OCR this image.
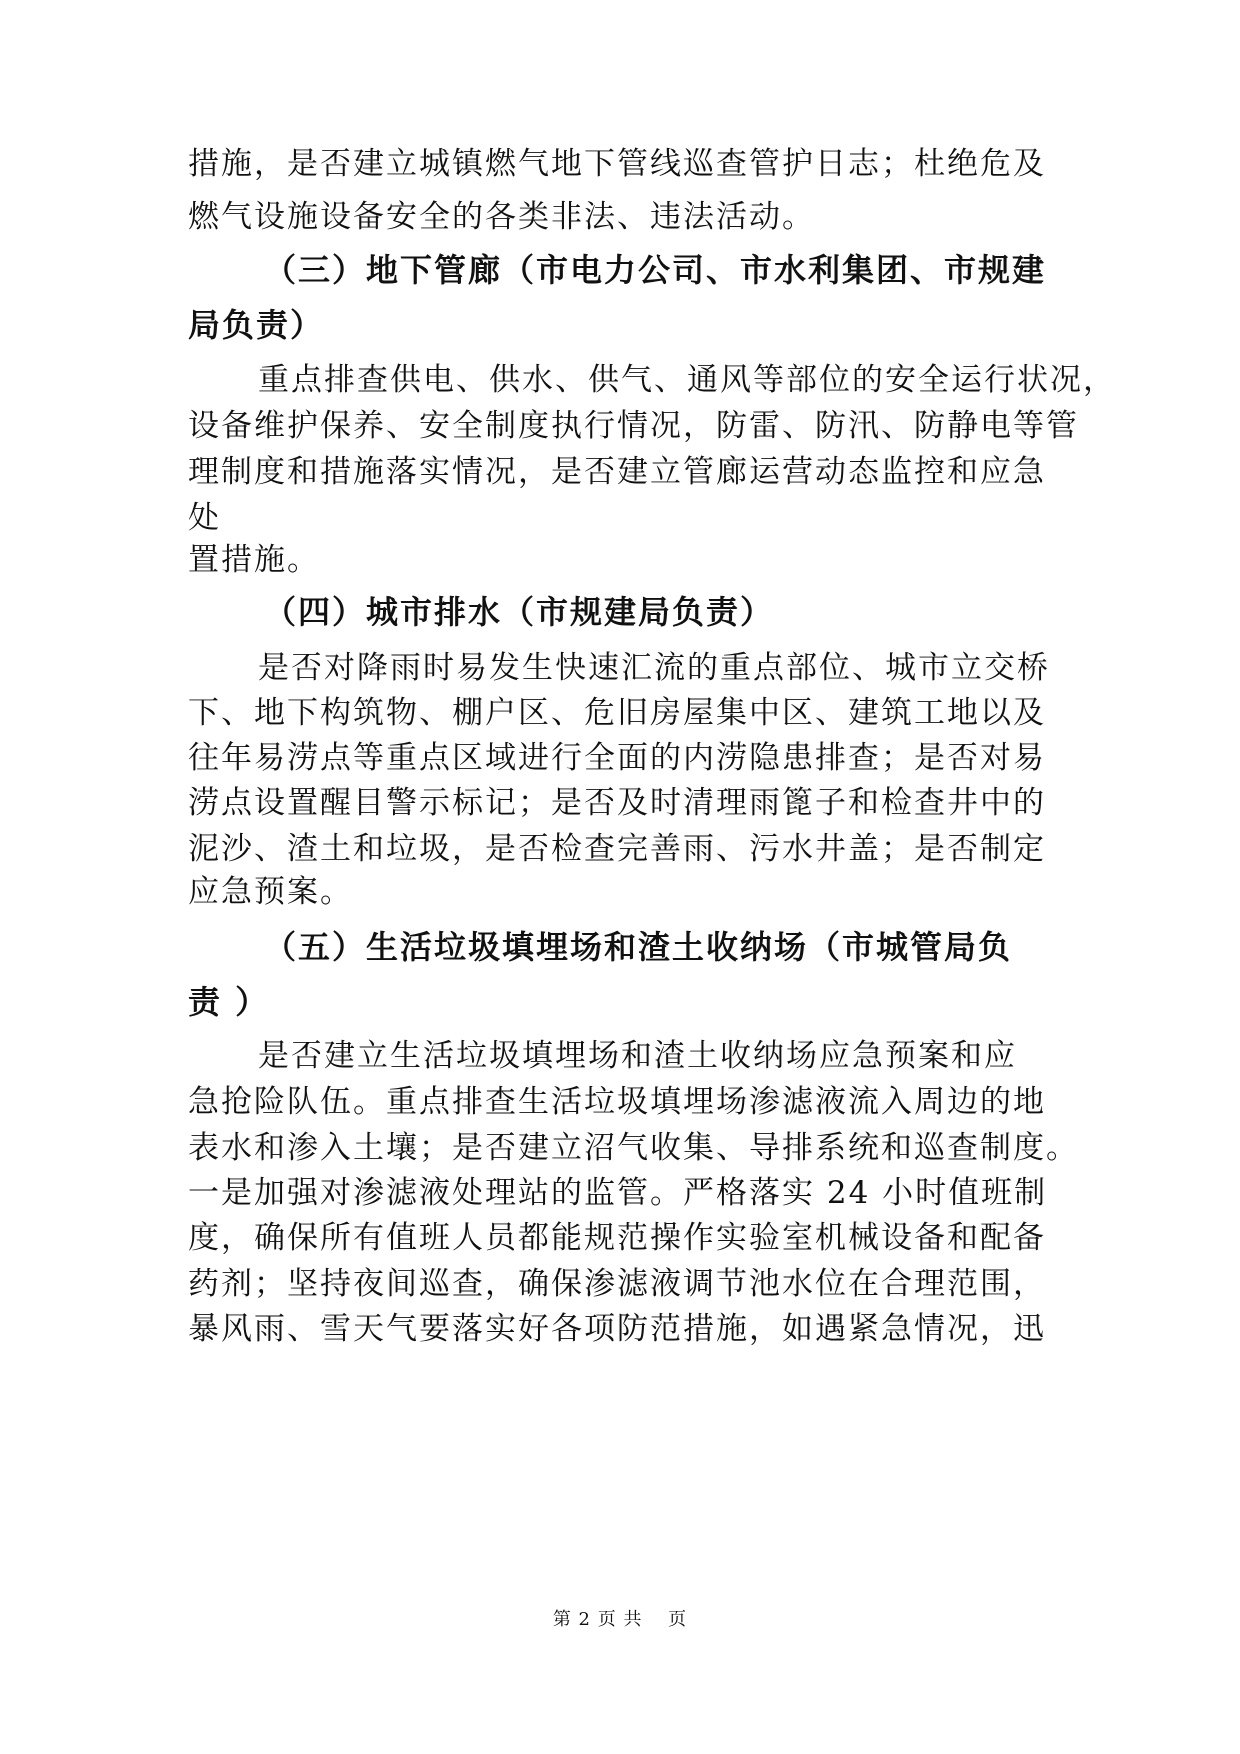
措施，是否建立城镇燃气地下管线巡查管护日志；杜绝危及
燃气设施设备安全的各类非法、违法活动。
（三）地下管廊（市电力公司、市水利集团、市规建
局负责）
重点排查供电、供水、供气、通风等部位的安全运行状况，
设备维护保养、安全制度执行情况，防雷、防汛、防静电等管
理制度和措施落实情况，是否建立管廊运营动态监控和应急
处
置措施。
（四）城市排水（市规建局负责）
是否对降雨时易发生快速汇流的重点部位、城市立交桥
下、地下构筑物、棚户区、危旧房屋集中区、建筑工地以及
往年易涝点等重点区域进行全面的内涝隐患排查；是否对易
涝点设置醒目警示标记；是否及时清理雨篦子和检查井中的
泥沙、渣土和垃圾，是否检查完善雨、污水井盖；是否制定
应急预案。
（五）生活垃圾填埋场和渣土收纳场（市城管局负
责 ）
是否建立生活垃圾填埋场和渣土收纳场应急预案和应
急抢险队伍。重点排查生活垃圾填埋场渗滤液流入周边的地
表水和渗入土壤；是否建立沼气收集、导排系统和巡查制度。
一是加强对渗滤液处理站的监管。严格落实 24 小时值班制
度，确保所有值班人员都能规范操作实验室机械设备和配备
药剂；坚持夜间巡查，确保渗滤液调节池水位在合理范围，
暴风雨、雪天气要落实好各项防范措施，如遇紧急情况，迅
第 2 页 共　 页
